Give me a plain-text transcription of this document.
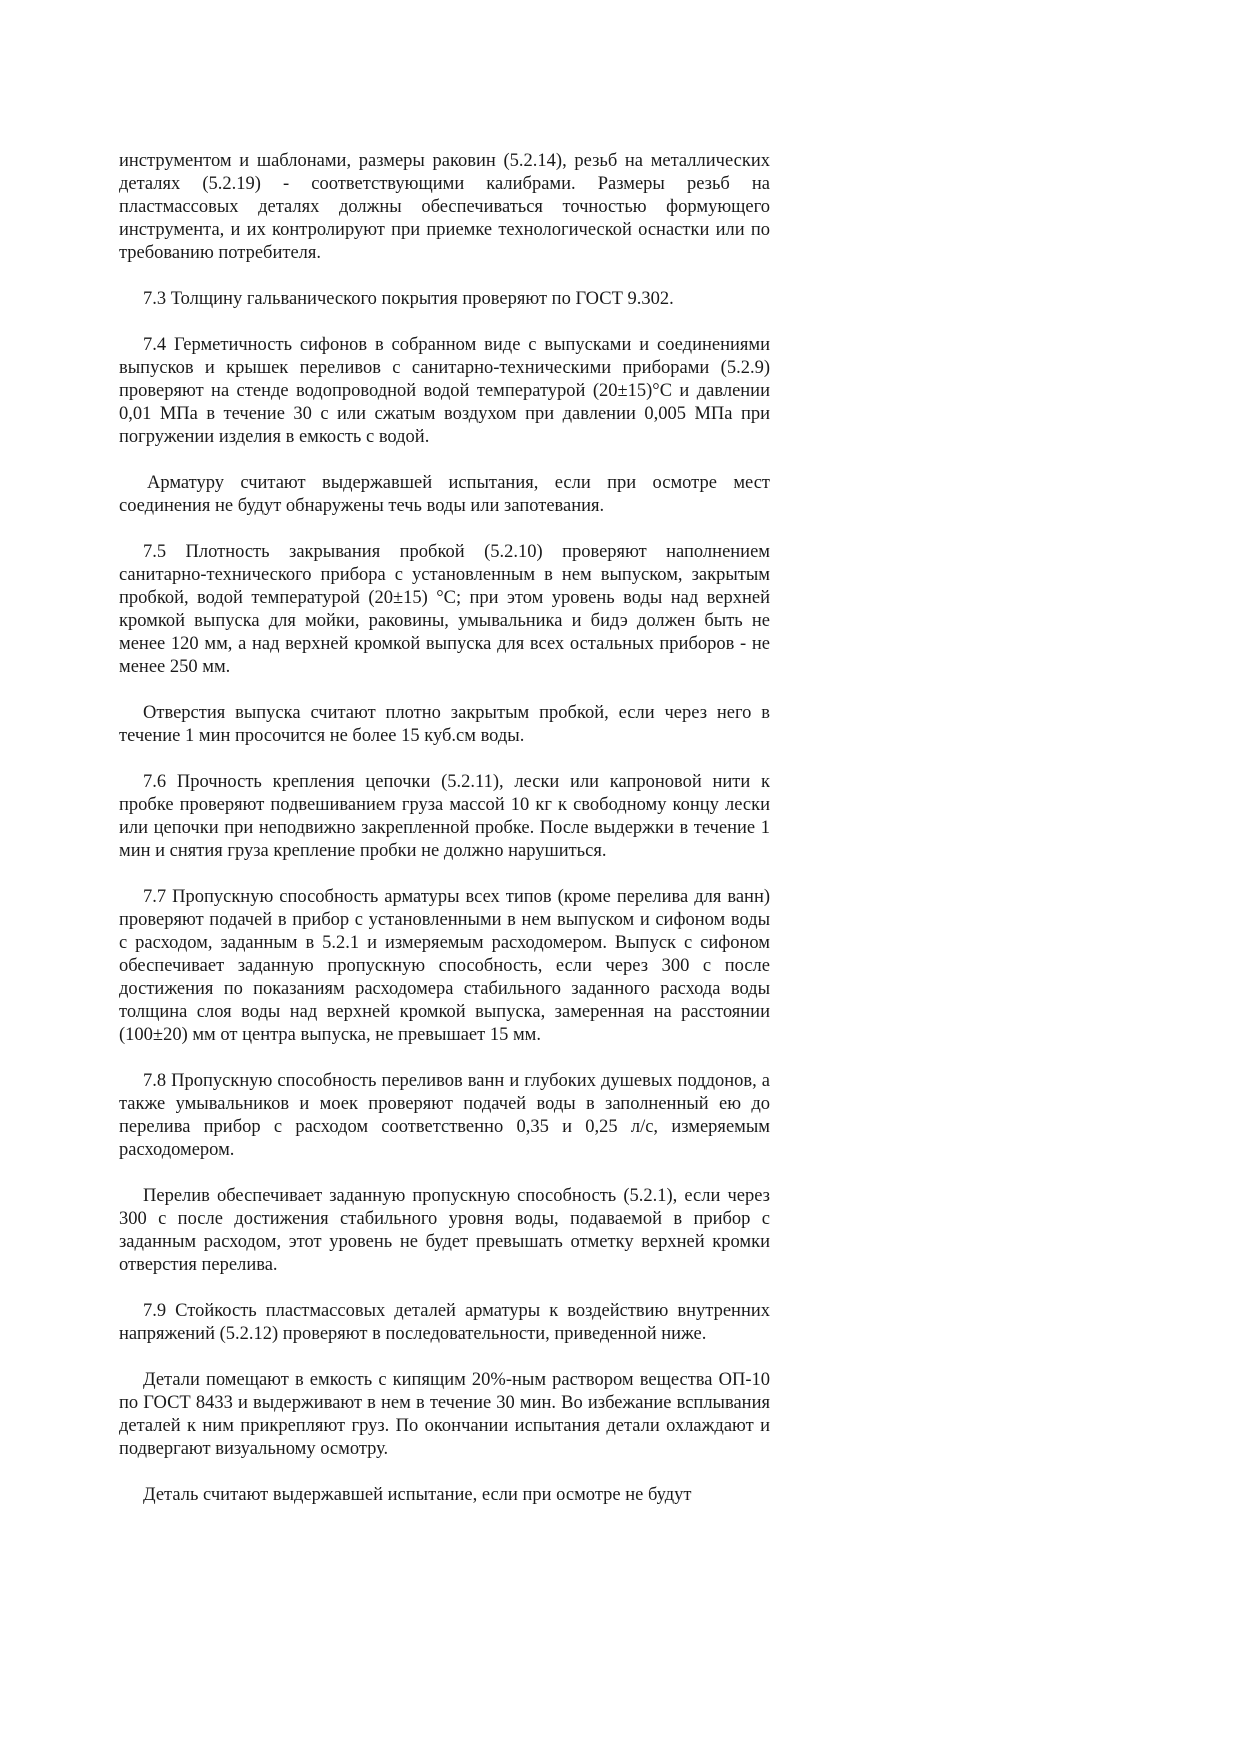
инструментом и шаблонами, размеры раковин (5.2.14), резьб на металлических деталях (5.2.19) - соответствующими калибрами. Размеры резьб на пластмассовых деталях должны обеспечиваться точностью формующего инструмента, и их контролируют при приемке технологической оснастки или по требованию потребителя.

7.3 Толщину гальванического покрытия проверяют по ГОСТ 9.302.

7.4 Герметичность сифонов в собранном виде с выпусками и соединениями выпусков и крышек переливов с санитарно-техническими приборами (5.2.9) проверяют на стенде водопроводной водой температурой (20±15)°С и давлении 0,01 МПа в течение 30 с или сжатым воздухом при давлении 0,005 МПа при погружении изделия в емкость с водой.

Арматуру считают выдержавшей испытания, если при осмотре мест соединения не будут обнаружены течь воды или запотевания.

7.5 Плотность закрывания пробкой (5.2.10) проверяют наполнением санитарно-технического прибора с установленным в нем выпуском, закрытым пробкой, водой температурой (20±15) °С; при этом уровень воды над верхней кромкой выпуска для мойки, раковины, умывальника и бидэ должен быть не менее 120 мм, а над верхней кромкой выпуска для всех остальных приборов - не менее 250 мм.

Отверстия выпуска считают плотно закрытым пробкой, если через него в течение 1 мин просочится не более 15 куб.см воды.

7.6 Прочность крепления цепочки (5.2.11), лески или капроновой нити к пробке проверяют подвешиванием груза массой 10 кг к свободному концу лески или цепочки при неподвижно закрепленной пробке. После выдержки в течение 1 мин и снятия груза крепление пробки не должно нарушиться.

7.7 Пропускную способность арматуры всех типов (кроме перелива для ванн) проверяют подачей в прибор с установленными в нем выпуском и сифоном воды с расходом, заданным в 5.2.1 и измеряемым расходомером. Выпуск с сифоном обеспечивает заданную пропускную способность, если через 300 с после достижения по показаниям расходомера стабильного заданного расхода воды толщина слоя воды над верхней кромкой выпуска, замеренная на расстоянии (100±20) мм от центра выпуска, не превышает 15 мм.

7.8 Пропускную способность переливов ванн и глубоких душевых поддонов, а также умывальников и моек проверяют подачей воды в заполненный ею до перелива прибор с расходом соответственно 0,35 и 0,25 л/с, измеряемым расходомером.

Перелив обеспечивает заданную пропускную способность (5.2.1), если через 300 с после достижения стабильного уровня воды, подаваемой в прибор с заданным расходом, этот уровень не будет превышать отметку верхней кромки отверстия перелива.

7.9 Стойкость пластмассовых деталей арматуры к воздействию внутренних напряжений (5.2.12) проверяют в последовательности, приведенной ниже.

Детали помещают в емкость с кипящим 20%-ным раствором вещества ОП-10 по ГОСТ 8433 и выдерживают в нем в течение 30 мин. Во избежание всплывания деталей к ним прикрепляют груз. По окончании испытания детали охлаждают и подвергают визуальному осмотру.

Деталь считают выдержавшей испытание, если при осмотре не будут
